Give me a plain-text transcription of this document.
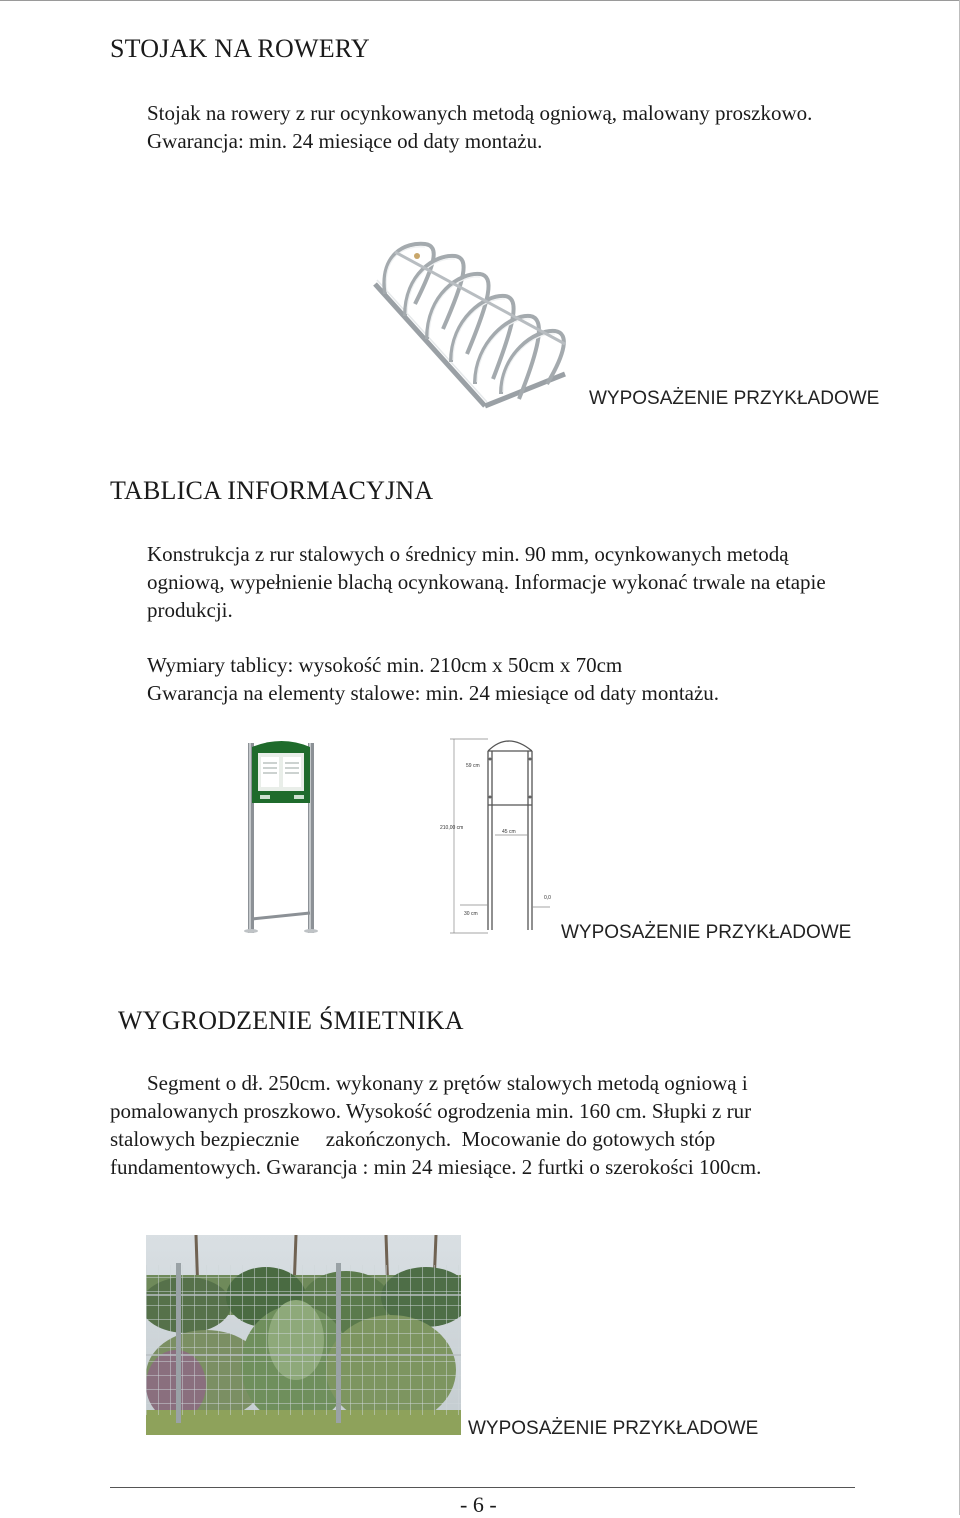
STOJAK NA ROWERY
Stojak na rowery z rur ocynkowanych metodą ogniową, malowany proszkowo.
Gwarancja: min. 24 miesiące od daty montażu.
WYPOSAŻENIE PRZYKŁADOWE
TABLICA INFORMACYJNA
Konstrukcja z rur stalowych o średnicy min. 90 mm, ocynkowanych metodą
ogniową, wypełnienie blachą ocynkowaną. Informacje wykonać trwale na etapie
produkcji.
Wymiary tablicy: wysokość min. 210cm x 50cm x 70cm
Gwarancja na elementy stalowe: min. 24 miesiące od daty montażu.
59 cm
210,00 cm
45 cm
0,0
30 cm
WYPOSAŻENIE PRZYKŁADOWE
WYGRODZENIE ŚMIETNIKA
Segment o dł. 250cm. wykonany z prętów stalowych metodą ogniową i
pomalowanych proszkowo. Wysokość ogrodzenia min. 160 cm. Słupki z rur
stalowych bezpiecznie     zakończonych.  Mocowanie do gotowych stóp
fundamentowych. Gwarancja : min 24 miesiące. 2 furtki o szerokości 100cm.
WYPOSAŻENIE PRZYKŁADOWE
- 6 -
